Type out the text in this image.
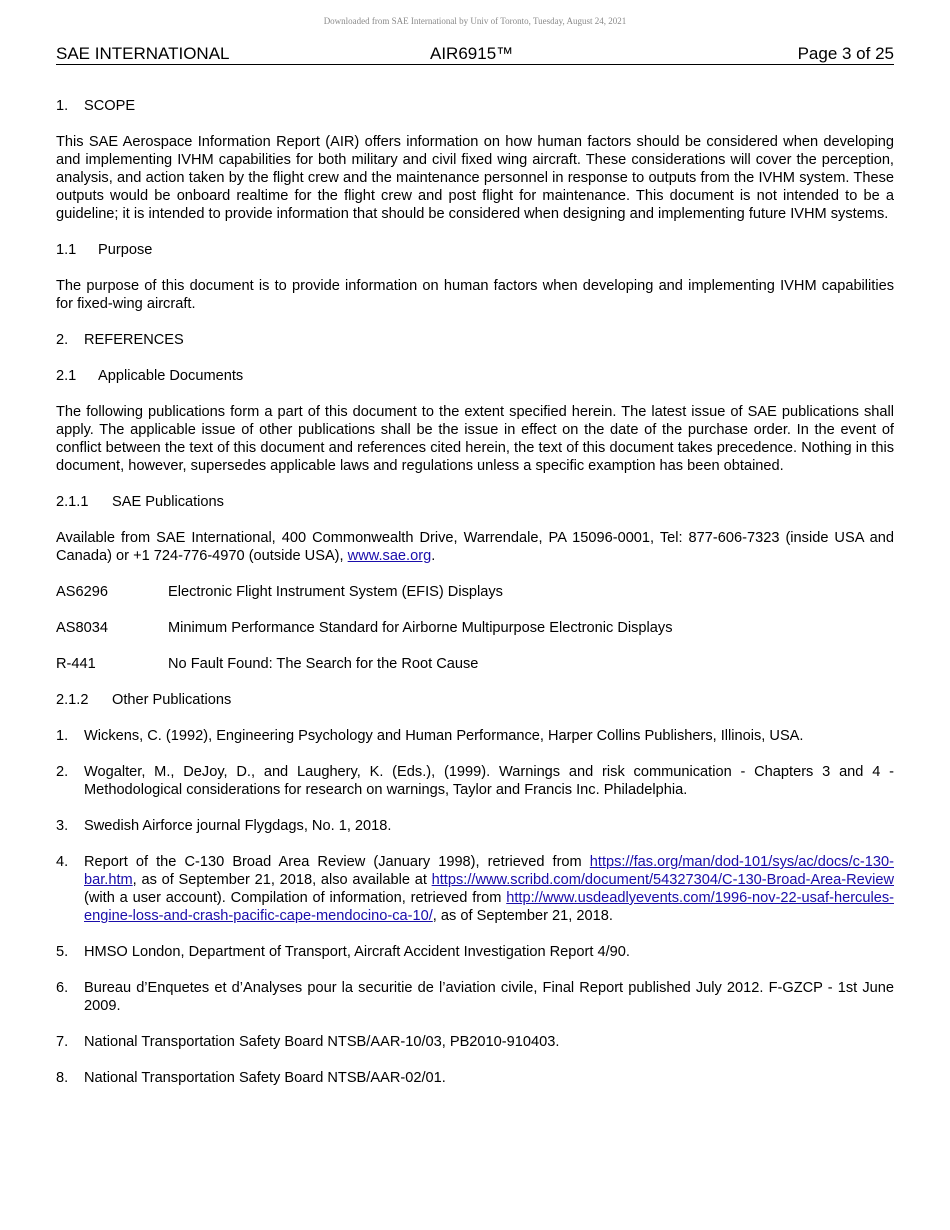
Downloaded from SAE International by Univ of Toronto, Tuesday, August 24, 2021
SAE INTERNATIONAL	AIR6915™	Page 3 of 25
1. SCOPE

This SAE Aerospace Information Report (AIR) offers information on how human factors should be considered when developing and implementing IVHM capabilities for both military and civil fixed wing aircraft. These considerations will cover the perception, analysis, and action taken by the flight crew and the maintenance personnel in response to outputs from the IVHM system. These outputs would be onboard realtime for the flight crew and post flight for maintenance. This document is not intended to be a guideline; it is intended to provide information that should be considered when designing and implementing future IVHM systems.

1.1 Purpose

The purpose of this document is to provide information on human factors when developing and implementing IVHM capabilities for fixed-wing aircraft.

2. REFERENCES
2.1 Applicable Documents

The following publications form a part of this document to the extent specified herein. The latest issue of SAE publications shall apply. The applicable issue of other publications shall be the issue in effect on the date of the purchase order. In the event of conflict between the text of this document and references cited herein, the text of this document takes precedence. Nothing in this document, however, supersedes applicable laws and regulations unless a specific examption has been obtained.

2.1.1 SAE Publications

Available from SAE International, 400 Commonwealth Drive, Warrendale, PA 15096-0001, Tel: 877-606-7323 (inside USA and Canada) or +1 724-776-4970 (outside USA), www.sae.org.

AS6296	Electronic Flight Instrument System (EFIS) Displays
AS8034	Minimum Performance Standard for Airborne Multipurpose Electronic Displays
R-441	No Fault Found: The Search for the Root Cause
2.1.2 Other Publications
1.	Wickens, C. (1992), Engineering Psychology and Human Performance, Harper Collins Publishers, Illinois, USA.
2.	Wogalter, M., DeJoy, D., and Laughery, K. (Eds.), (1999). Warnings and risk communication - Chapters 3 and 4 - Methodological considerations for research on warnings, Taylor and Francis Inc. Philadelphia.
3.	Swedish Airforce journal Flygdags, No. 1, 2018.
4.	Report of the C-130 Broad Area Review (January 1998), retrieved from https://fas.org/man/dod-101/sys/ac/docs/c-130-bar.htm, as of September 21, 2018, also available at https://www.scribd.com/document/54327304/C-130-Broad-Area-Review (with a user account). Compilation of information, retrieved from http://www.usdeadlyevents.com/1996-nov-22-usaf-hercules-engine-loss-and-crash-pacific-cape-mendocino-ca-10/, as of September 21, 2018.
5.	HMSO London, Department of Transport, Aircraft Accident Investigation Report 4/90.
6.	Bureau d’Enquetes et d’Analyses pour la securitie de l’aviation civile, Final Report published July 2012. F-GZCP - 1st June 2009.
7.	National Transportation Safety Board NTSB/AAR-10/03, PB2010-910403.
8.	National Transportation Safety Board NTSB/AAR-02/01.
